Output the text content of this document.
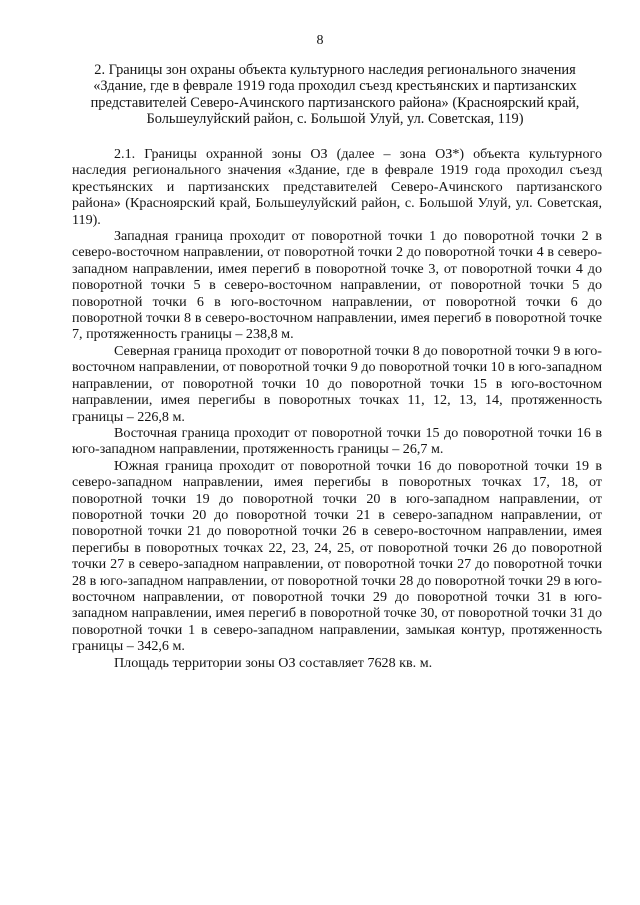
8
2. Границы зон охраны объекта культурного наследия регионального значения «Здание, где в феврале 1919 года проходил съезд крестьянских и партизанских представителей Северо-Ачинского партизанского района» (Красноярский край, Большеулуйский район, с. Большой Улуй, ул. Советская, 119)

2.1. Границы охранной зоны ОЗ (далее – зона ОЗ*) объекта культурного наследия регионального значения «Здание, где в феврале 1919 года проходил съезд крестьянских и партизанских представителей Северо-Ачинского партизанского района» (Красноярский край, Большеулуйский район, с. Большой Улуй, ул. Советская, 119).

Западная граница проходит от поворотной точки 1 до поворотной точки 2 в северо-восточном направлении, от поворотной точки 2 до поворотной точки 4 в северо-западном направлении, имея перегиб в поворотной точке 3, от поворотной точки 4 до поворотной точки 5 в северо-восточном направлении, от поворотной точки 5 до поворотной точки 6 в юго-восточном направлении, от поворотной точки 6 до поворотной точки 8 в северо-восточном направлении, имея перегиб в поворотной точке 7, протяженность границы – 238,8 м.

Северная граница проходит от поворотной точки 8 до поворотной точки 9 в юго-восточном направлении, от поворотной точки 9 до поворотной точки 10 в юго-западном направлении, от поворотной точки 10 до поворотной точки 15 в юго-восточном направлении, имея перегибы в поворотных точках 11, 12, 13, 14, протяженность границы – 226,8 м.

Восточная граница проходит от поворотной точки 15 до поворотной точки 16 в юго-западном направлении, протяженность границы – 26,7 м.

Южная граница проходит от поворотной точки 16 до поворотной точки 19 в северо-западном направлении, имея перегибы в поворотных точках 17, 18, от поворотной точки 19 до поворотной точки 20 в юго-западном направлении, от поворотной точки 20 до поворотной точки 21 в северо-западном направлении, от поворотной точки 21 до поворотной точки 26 в северо-восточном направлении, имея перегибы в поворотных точках 22, 23, 24, 25, от поворотной точки 26 до поворотной точки 27 в северо-западном направлении, от поворотной точки 27 до поворотной точки 28 в юго-западном направлении, от поворотной точки 28 до поворотной точки 29 в юго-восточном направлении, от поворотной точки 29 до поворотной точки 31 в юго-западном направлении, имея перегиб в поворотной точке 30, от поворотной точки 31 до поворотной точки 1 в северо-западном направлении, замыкая контур, протяженность границы – 342,6 м.

Площадь территории зоны ОЗ составляет 7628 кв. м.
